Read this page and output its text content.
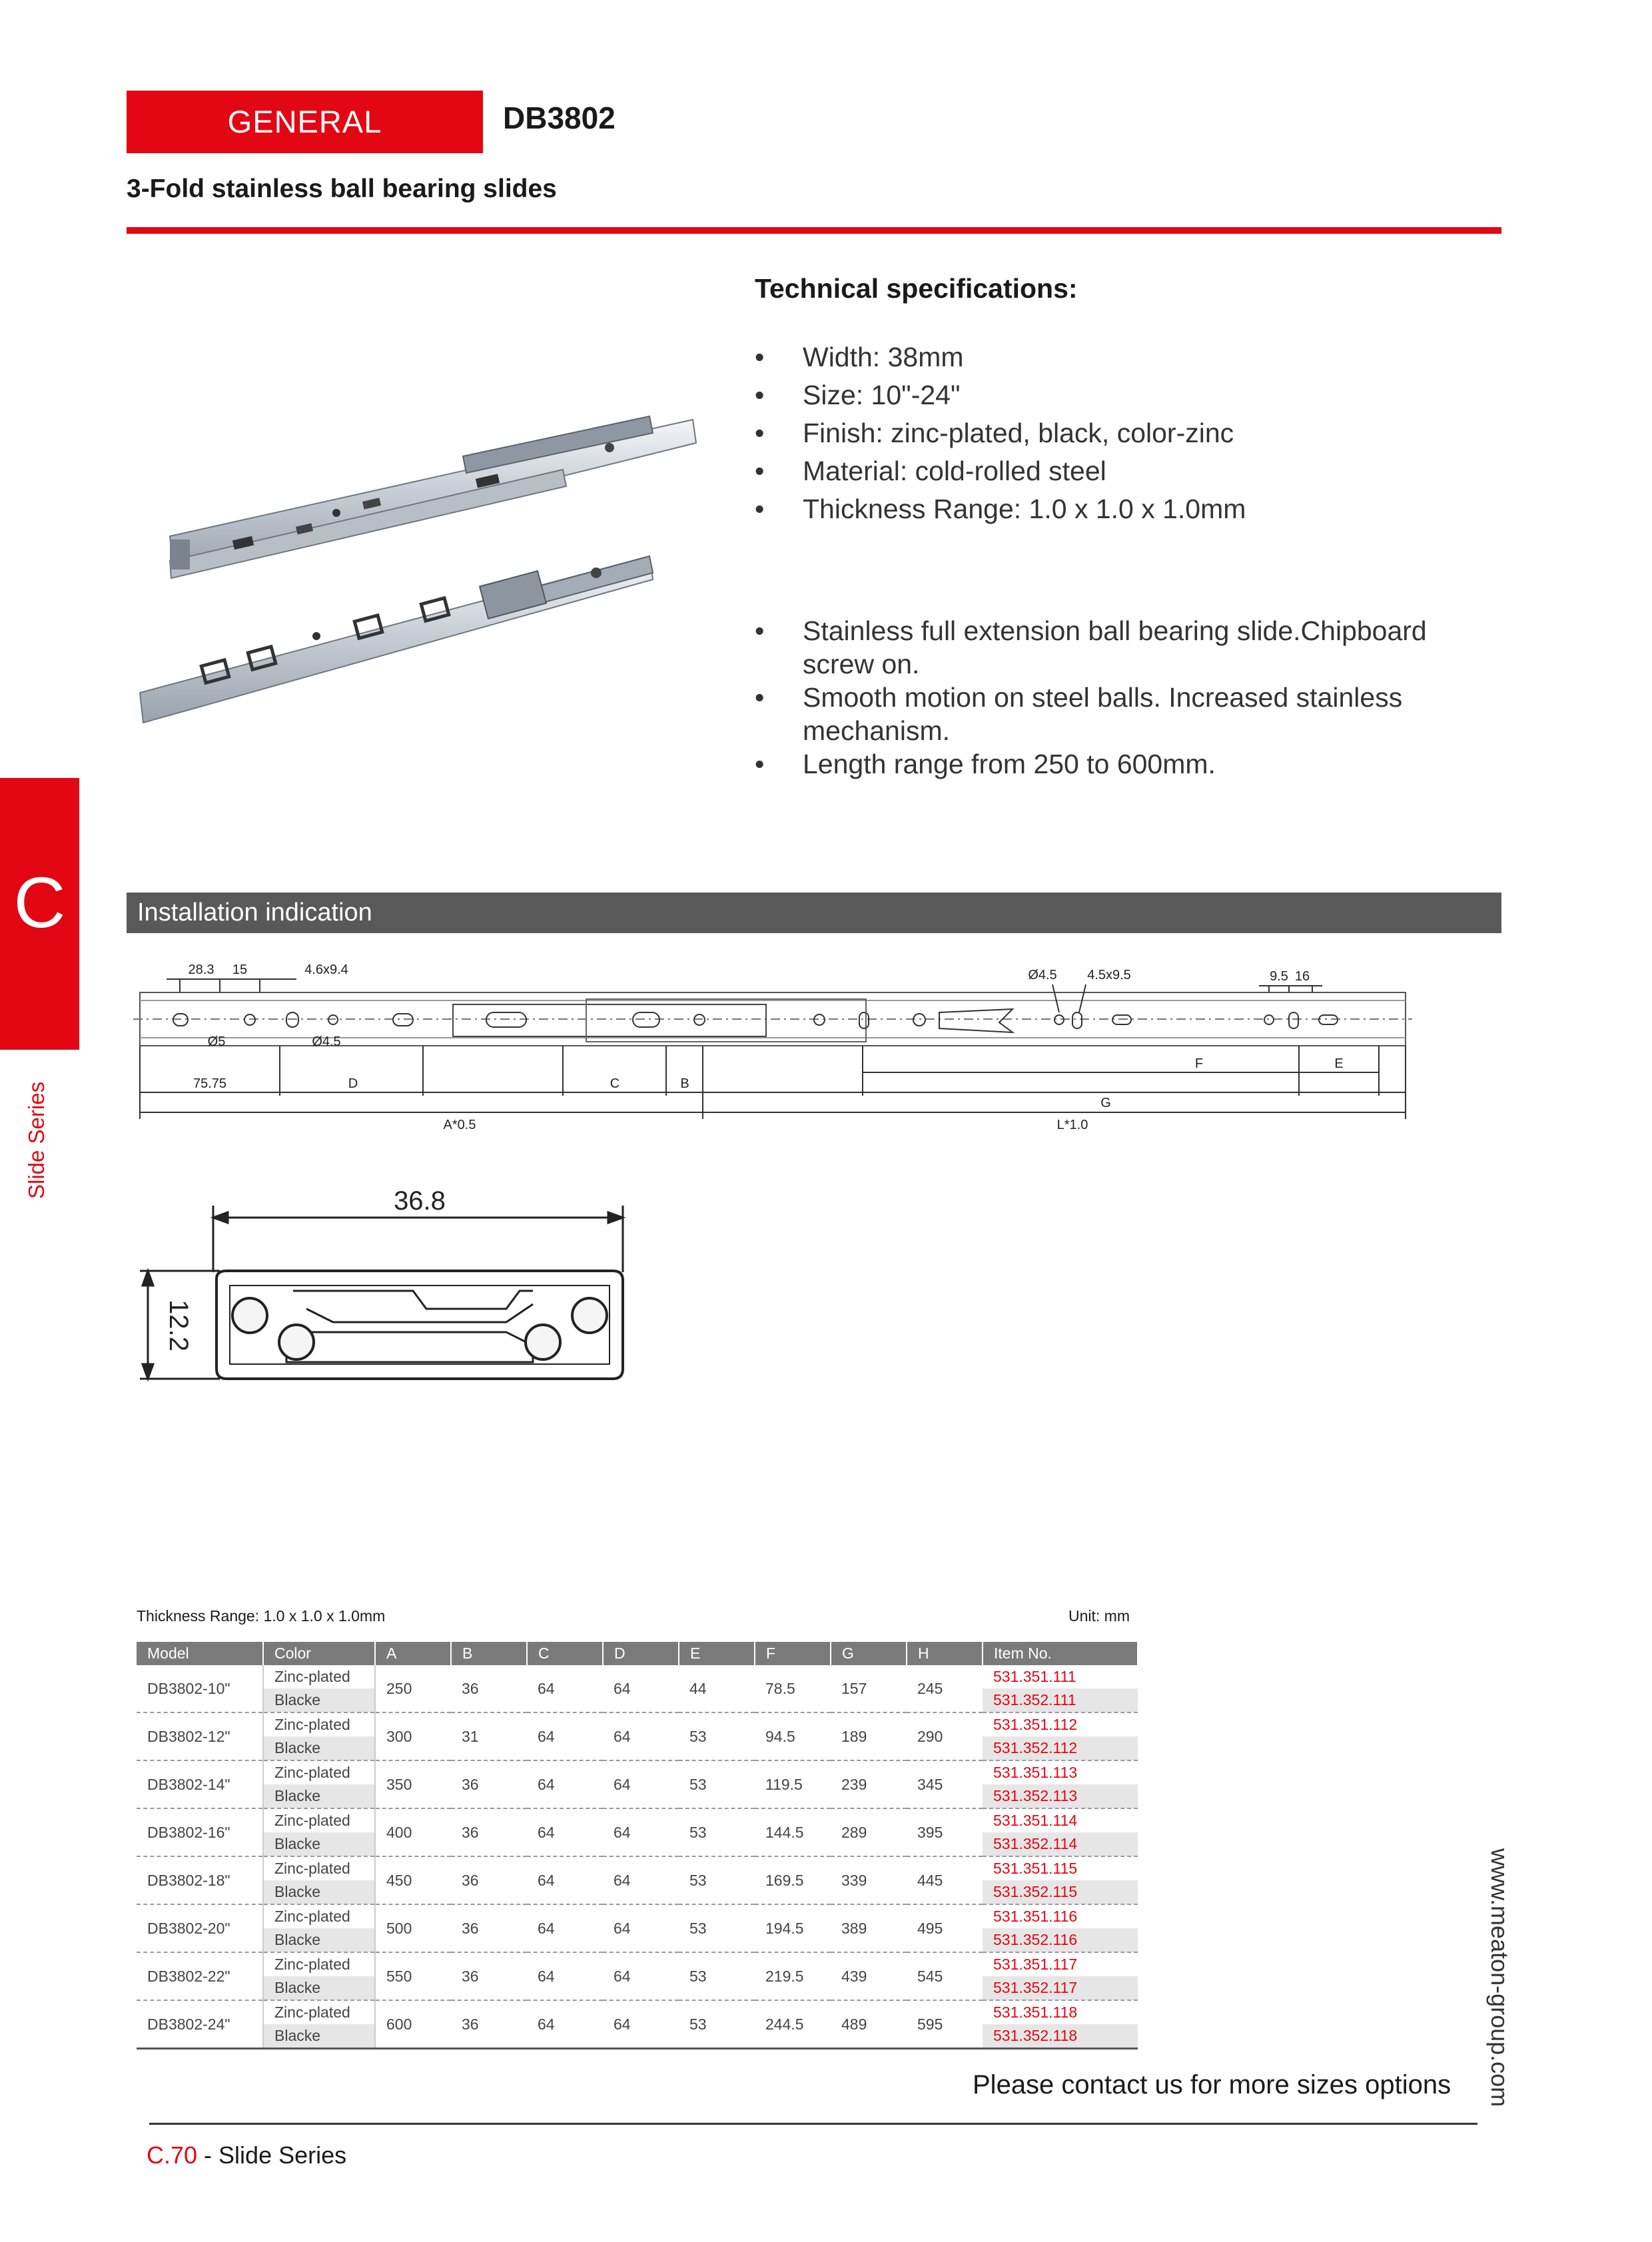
GENERAL	DB3802
3-Fold stainless ball bearing slides
Technical specifications:
• Width: 38mm
• Size: 10"-24"
• Finish: zinc-plated, black, color-zinc
• Material: cold-rolled steel
• Thickness Range: 1.0 x 1.0 x 1.0mm
• Stainless full extension ball bearing slide.Chipboard screw on.
• Smooth motion on steel balls. Increased stainless mechanism.
• Length range from 250 to 600mm.
C
Slide Series
Installation indication
28.3 15	4.6x9.4
Ø5	Ø4.5
Ø4.5 4.5x9.5	9.5 16
75.75	D	C	B
F	E
G
A*0.5	L*1.0
36.8
12.2
Thickness Range: 1.0 x 1.0 x 1.0mm	Unit: mm
Model	Color	A	B	C	D	E	F	G	H	Item No.
DB3802-10"	Zinc-plated	250	36	64	64	44	78.5	157	245	531.351.111
	Blacke									531.352.111
DB3802-12"	Zinc-plated	300	31	64	64	53	94.5	189	290	531.351.112
	Blacke									531.352.112
DB3802-14"	Zinc-plated	350	36	64	64	53	119.5	239	345	531.351.113
	Blacke									531.352.113
DB3802-16"	Zinc-plated	400	36	64	64	53	144.5	289	395	531.351.114
	Blacke									531.352.114
DB3802-18"	Zinc-plated	450	36	64	64	53	169.5	339	445	531.351.115
	Blacke									531.352.115
DB3802-20"	Zinc-plated	500	36	64	64	53	194.5	389	495	531.351.116
	Blacke									531.352.116
DB3802-22"	Zinc-plated	550	36	64	64	53	219.5	439	545	531.351.117
	Blacke									531.352.117
DB3802-24"	Zinc-plated	600	36	64	64	53	244.5	489	595	531.351.118
	Blacke									531.352.118
Please contact us for more sizes options
C.70 - Slide Series
www.meaton-group.com
